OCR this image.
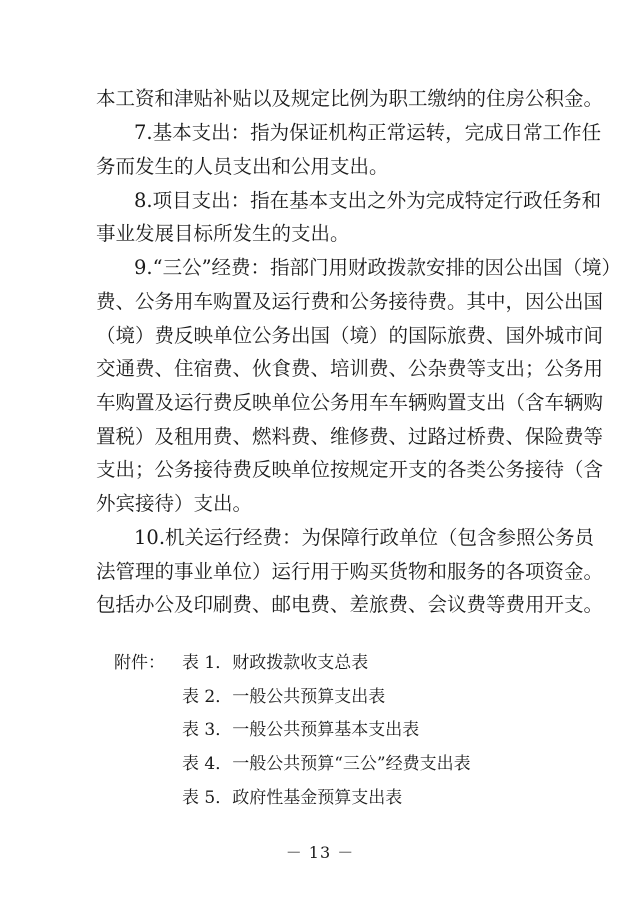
本工资和津贴补贴以及规定比例为职工缴纳的住房公积金。
7.基本支出：指为保证机构正常运转，完成日常工作任
务而发生的人员支出和公用支出。
8.项目支出：指在基本支出之外为完成特定行政任务和
事业发展目标所发生的支出。
9.“三公”经费：指部门用财政拨款安排的因公出国（境）
费、公务用车购置及运行费和公务接待费。其中，因公出国
（境）费反映单位公务出国（境）的国际旅费、国外城市间
交通费、住宿费、伙食费、培训费、公杂费等支出；公务用
车购置及运行费反映单位公务用车车辆购置支出（含车辆购
置税）及租用费、燃料费、维修费、过路过桥费、保险费等
支出；公务接待费反映单位按规定开支的各类公务接待（含
外宾接待）支出。
10.机关运行经费：为保障行政单位（包含参照公务员
法管理的事业单位）运行用于购买货物和服务的各项资金。
包括办公及印刷费、邮电费、差旅费、会议费等费用开支。
附件： 表 1．财政拨款收支总表
表 2．一般公共预算支出表
表 3．一般公共预算基本支出表
表 4．一般公共预算“三公”经费支出表
表 5．政府性基金预算支出表
－ 13 －
